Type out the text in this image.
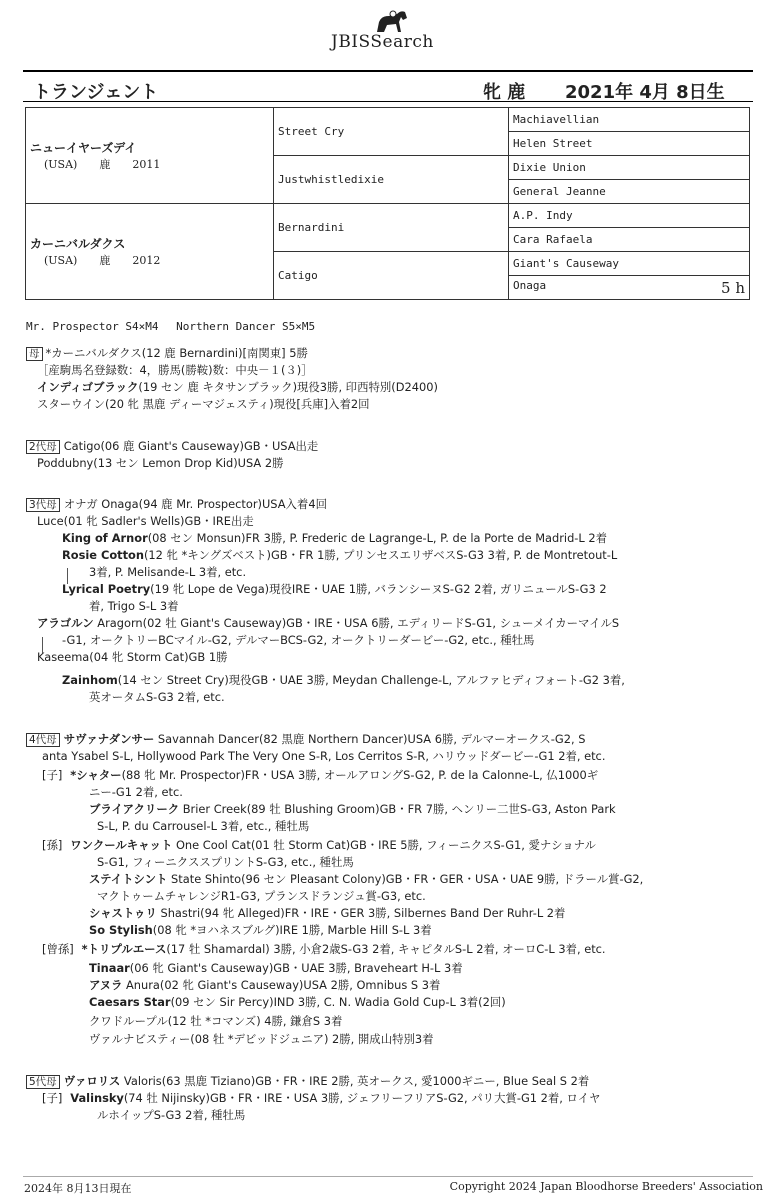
JBISSearch
トランジェント	牝 鹿 2021年 4月 8日生
ニューイヤーズデイ
(USA)　　鹿　　2011	Street Cry	Machiavellian
		Helen Street
	Justwhistledixie	Dixie Union
		General Jeanne

カーニバルダクス
(USA)　　鹿　　2012	Bernardini	A.P. Indy
		Cara Rafaela
	Catigo	Giant's Causeway
		Onaga 5 h
Mr. Prospector S4×M4　 Northern Dancer S5×M5
母 *カーニバルダクス(12 鹿 Bernardini)[南関東] 5勝
［産駒馬名登録数：4，勝馬(勝鞍)数：中央－１(３)］
インディゴブラック(19 セン 鹿 キタサンブラック)現役3勝, 印西特別(D2400)
スターウイン(20 牝 黒鹿 ディーマジェスティ)現役[兵庫]入着2回
2代母 Catigo(06 鹿 Giant's Causeway)GB・USA出走
Poddubny(13 セン Lemon Drop Kid)USA 2勝
3代母 オナガ Onaga(94 鹿 Mr. Prospector)USA入着4回
Luce(01 牝 Sadler's Wells)GB・IRE出走
King of Arnor(08 セン Monsun)FR 3勝, P. Frederic de Lagrange-L, P. de la Porte de Madrid-L 2着
Rosie Cotton(12 牝 *キングズベスト)GB・FR 1勝, プリンセスエリザベスS-G3 3着, P. de Montretout-L
3着, P. Melisande-L 3着, etc.
Lyrical Poetry(19 牝 Lope de Vega)現役IRE・UAE 1勝, バランシーヌS-G2 2着, ガリニュールS-G3 2
着, Trigo S-L 3着
アラゴルン Aragorn(02 牡 Giant's Causeway)GB・IRE・USA 6勝, エディリードS-G1, シューメイカーマイルS
-G1, オークトリーBCマイル-G2, デルマーBCS-G2, オークトリーダービー-G2, etc., 種牡馬
Kaseema(04 牝 Storm Cat)GB 1勝
Zainhom(14 セン Street Cry)現役GB・UAE 3勝, Meydan Challenge-L, アルファヒディフォート-G2 3着,
英オータムS-G3 2着, etc.
4代母 サヴァナダンサー Savannah Dancer(82 黒鹿 Northern Dancer)USA 6勝, デルマーオークス-G2, S
anta Ysabel S-L, Hollywood Park The Very One S-R, Los Cerritos S-R, ハリウッドダービー-G1 2着, etc.
[子] *シャター(88 牝 Mr. Prospector)FR・USA 3勝, オールアロングS-G2, P. de la Calonne-L, 仏1000ギ
ニー-G1 2着, etc.
ブライアクリーク Brier Creek(89 牡 Blushing Groom)GB・FR 7勝, ヘンリー二世S-G3, Aston Park
S-L, P. du Carrousel-L 3着, etc., 種牡馬
[孫] ワンクールキャット One Cool Cat(01 牡 Storm Cat)GB・IRE 5勝, フィーニクスS-G1, 愛ナショナル
S-G1, フィーニクススプリントS-G3, etc., 種牡馬
ステイトシント State Shinto(96 セン Pleasant Colony)GB・FR・GER・USA・UAE 9勝, ドラール賞-G2,
マクトゥームチャレンジR1-G3, プランスドランジュ賞-G3, etc.
シャストゥリ Shastri(94 牝 Alleged)FR・IRE・GER 3勝, Silbernes Band Der Ruhr-L 2着
So Stylish(08 牝 *ヨハネスブルグ)IRE 1勝, Marble Hill S-L 3着
[曾孫] *トリプルエース(17 牡 Shamardal) 3勝, 小倉2歳S-G3 2着, キャピタルS-L 2着, オーロC-L 3着, etc.
Tinaar(06 牝 Giant's Causeway)GB・UAE 3勝, Braveheart H-L 3着
アヌラ Anura(02 牝 Giant's Causeway)USA 2勝, Omnibus S 3着
Caesars Star(09 セン Sir Percy)IND 3勝, C. N. Wadia Gold Cup-L 3着(2回)
クワドループル(12 牡 *コマンズ) 4勝, 鎌倉S 3着
ヴァルナビスティー(08 牡 *デビッドジュニア) 2勝, 開成山特別3着
5代母 ヴァロリス Valoris(63 黒鹿 Tiziano)GB・FR・IRE 2勝, 英オークス, 愛1000ギニー, Blue Seal S 2着
[子] Valinsky(74 牡 Nijinsky)GB・FR・IRE・USA 3勝, ジェフリーフリアS-G2, パリ大賞-G1 2着, ロイヤ
ルホイップS-G3 2着, 種牡馬
2024年 8月13日現在	Copyright 2024 Japan Bloodhorse Breeders' Association
